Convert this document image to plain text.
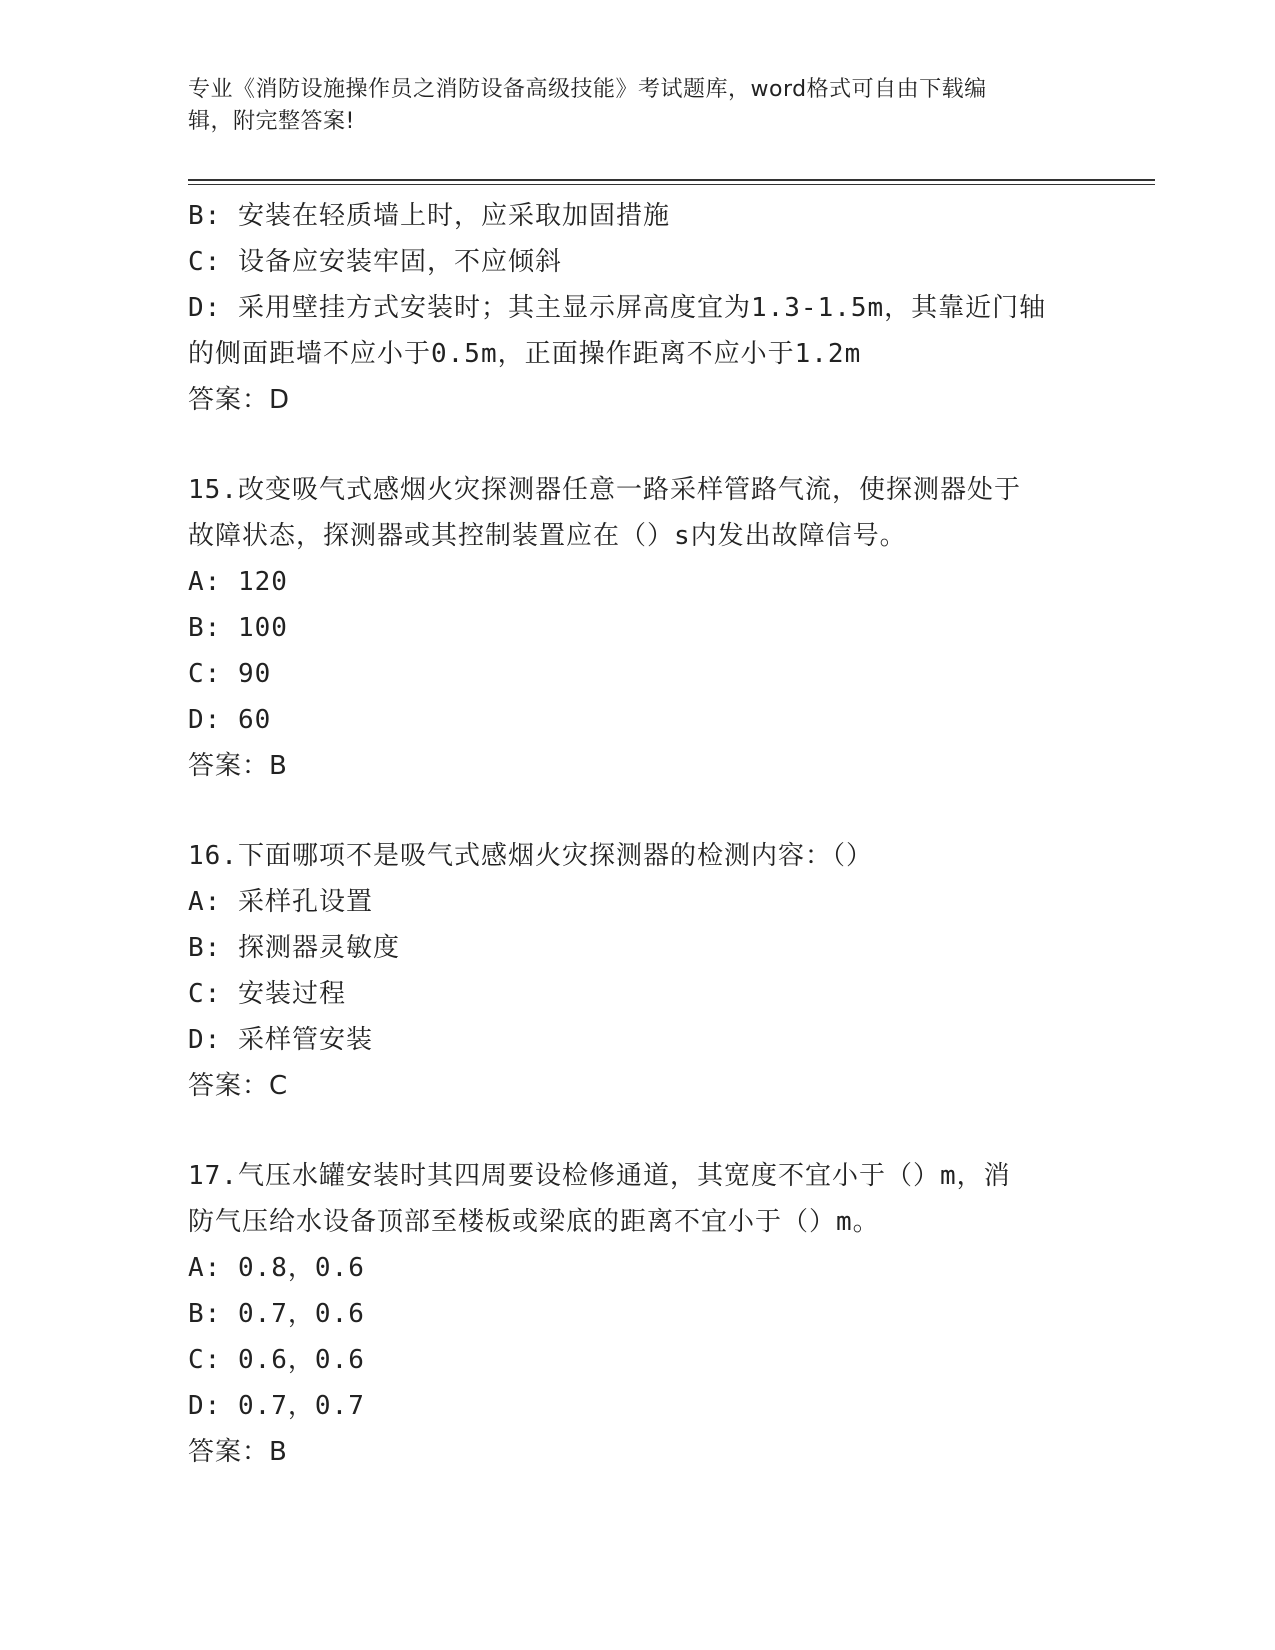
专业《消防设施操作员之消防设备高级技能》考试题库，word格式可自由下载编
辑，附完整答案!
B: 安装在轻质墙上时，应采取加固措施
C: 设备应安装牢固，不应倾斜
D: 采用壁挂方式安装时；其主显示屏高度宜为1.3-1.5m，其靠近门轴
的侧面距墙不应小于0.5m，正面操作距离不应小于1.2m
答案：D
15.改变吸气式感烟火灾探测器任意一路采样管路气流，使探测器处于
故障状态，探测器或其控制装置应在（）s内发出故障信号。
A: 120
B: 100
C: 90
D: 60
答案：B
16.下面哪项不是吸气式感烟火灾探测器的检测内容：（）
A: 采样孔设置
B: 探测器灵敏度
C: 安装过程
D: 采样管安装
答案：C
17.气压水罐安装时其四周要设检修通道，其宽度不宜小于（）m，消
防气压给水设备顶部至楼板或梁底的距离不宜小于（）m。
A: 0.8，0.6
B: 0.7，0.6
C: 0.6，0.6
D: 0.7，0.7
答案：B
